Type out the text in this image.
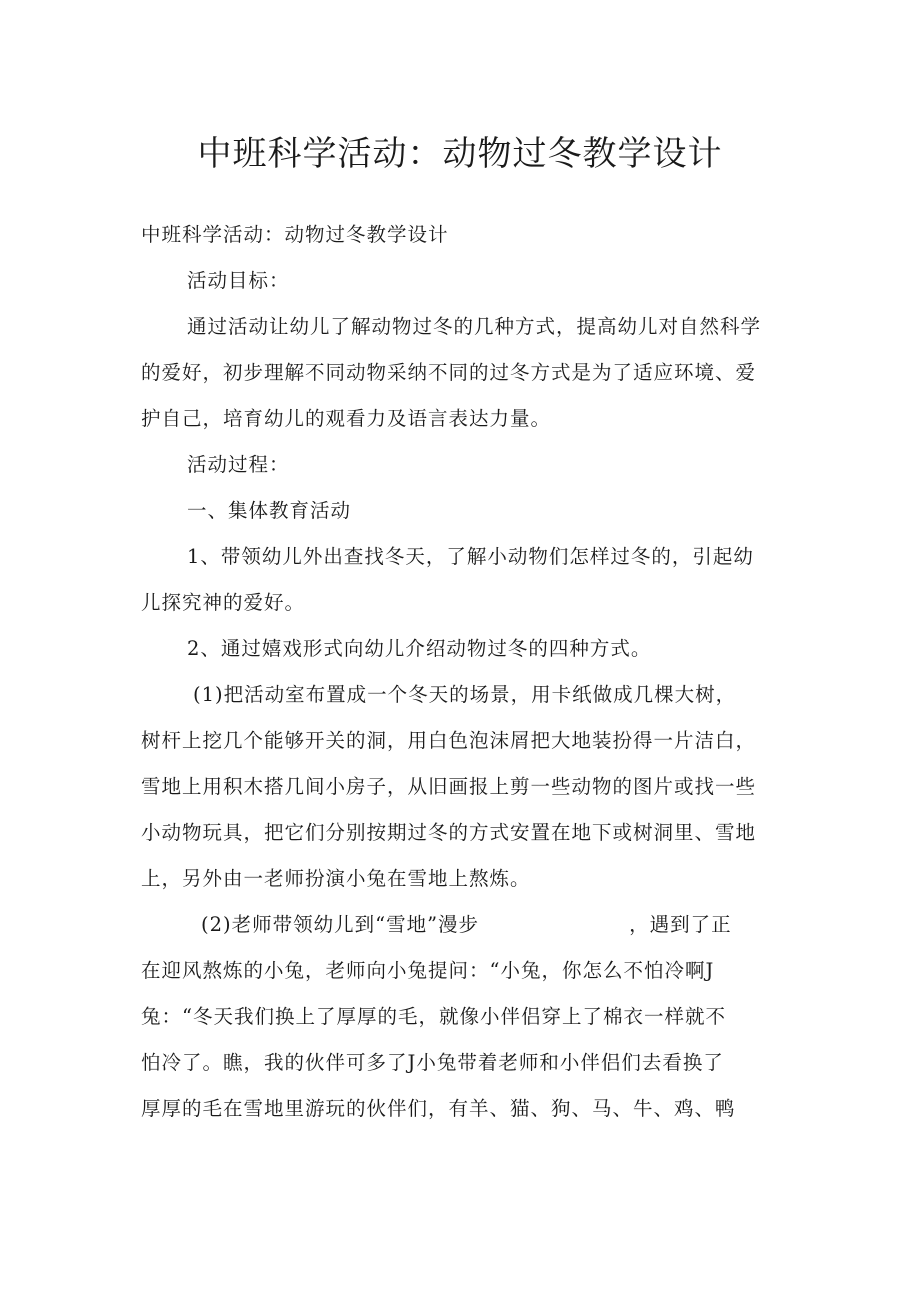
中班科学活动：动物过冬教学设计
中班科学活动：动物过冬教学设计
活动目标：
通过活动让幼儿了解动物过冬的几种方式，提高幼儿对自然科学
的爱好，初步理解不同动物采纳不同的过冬方式是为了适应环境、爱
护自己，培育幼儿的观看力及语言表达力量。
活动过程：
一、集体教育活动
1、带领幼儿外出查找冬天，了解小动物们怎样过冬的，引起幼
儿探究神的爱好。
2、通过嬉戏形式向幼儿介绍动物过冬的四种方式。
(1)把活动室布置成一个冬天的场景，用卡纸做成几棵大树，
树杆上挖几个能够开关的洞，用白色泡沫屑把大地装扮得一片洁白，
雪地上用积木搭几间小房子，从旧画报上剪一些动物的图片或找一些
小动物玩具，把它们分别按期过冬的方式安置在地下或树洞里、雪地
上，另外由一老师扮演小兔在雪地上熬炼。
(2)老师带领幼儿到“雪地”漫步	，遇到了正
在迎风熬炼的小兔，老师向小兔提问：“小兔，你怎么不怕冷啊J
兔：“冬天我们换上了厚厚的毛，就像小伴侣穿上了棉衣一样就不
怕冷了。瞧，我的伙伴可多了J小兔带着老师和小伴侣们去看换了
厚厚的毛在雪地里游玩的伙伴们，有羊、猫、狗、马、牛、鸡、鸭
